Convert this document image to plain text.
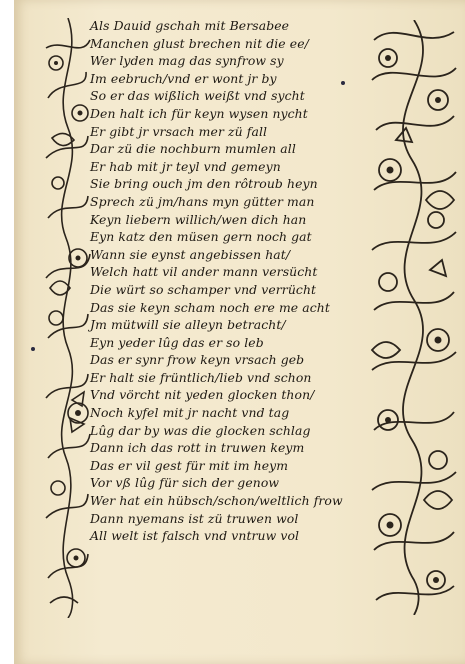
Als Dauid gschah mit Bersabee
Manchen glust brechen nit die ee/
Wer lyden mag das synfrow sy
Im eebruch/vnd er wont jr by
So er das wißlich weißt vnd sycht
Den halt ich für keyn wysen nycht
Er gibt jr vrsach mer zü fall
Dar zü die nochburn mumlen all
Er hab mit jr teyl vnd gemeyn
Sie bring ouch jm den rôtroub heyn
Sprech zü jm/hans myn gütter man
Keyn liebern willich/wen dich han
Eyn katz den müsen gern noch gat
Wann sie eynst angebissen hat/
Welch hatt vil ander mann versücht
Die würt so schamper vnd verrücht
Das sie keyn scham noch ere me acht
Jm mütwill sie alleyn betracht/
Eyn yeder lûg das er so leb
Das er synr frow keyn vrsach geb
Er halt sie früntlich/lieb vnd schon
Vnd vörcht nit yeden glocken thon/
Noch kyfel mit jr nacht vnd tag
Lûg dar by was die glocken schlag
Dann ich das rott in truwen keym
Das er vil gest für mit im heym
Vor vß lûg für sich der genow
Wer hat ein hübsch/schon/weltlich frow
Dann nyemans ist zü truwen wol
All welt ist falsch vnd vntruw vol
